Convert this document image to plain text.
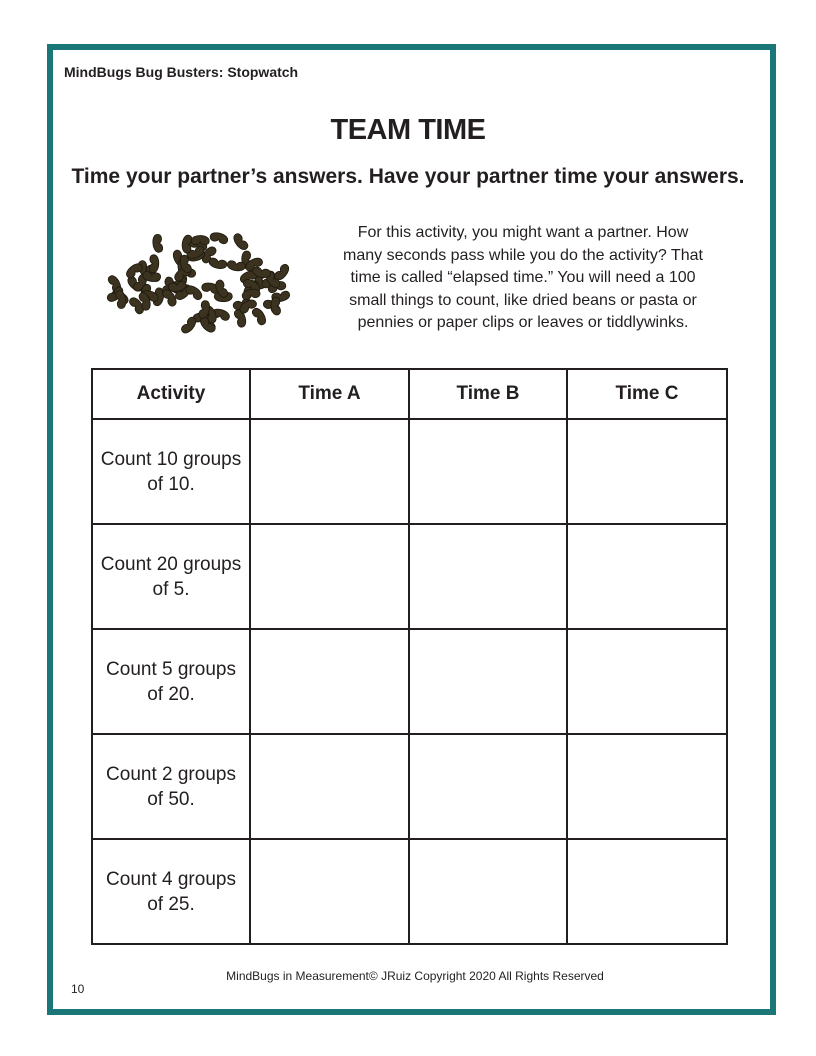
MindBugs Bug Busters: Stopwatch
TEAM TIME
Time your partner’s answers. Have your partner time your answers.
For this activity, you might want a partner. How
many seconds pass while you do the activity? That
time is called “elapsed time.” You will need a 100
small things to count, like dried beans or pasta or
pennies or paper clips or leaves or tiddlywinks.
Activity	Time A	Time B	Time C

Count 10 groups
of 10.			

Count 20 groups
of 5.			

Count 5 groups
of 20.			

Count 2 groups
of 50.			

Count 4 groups
of 25.			

MindBugs in Measurement© JRuiz Copyright 2020 All Rights Reserved
10
